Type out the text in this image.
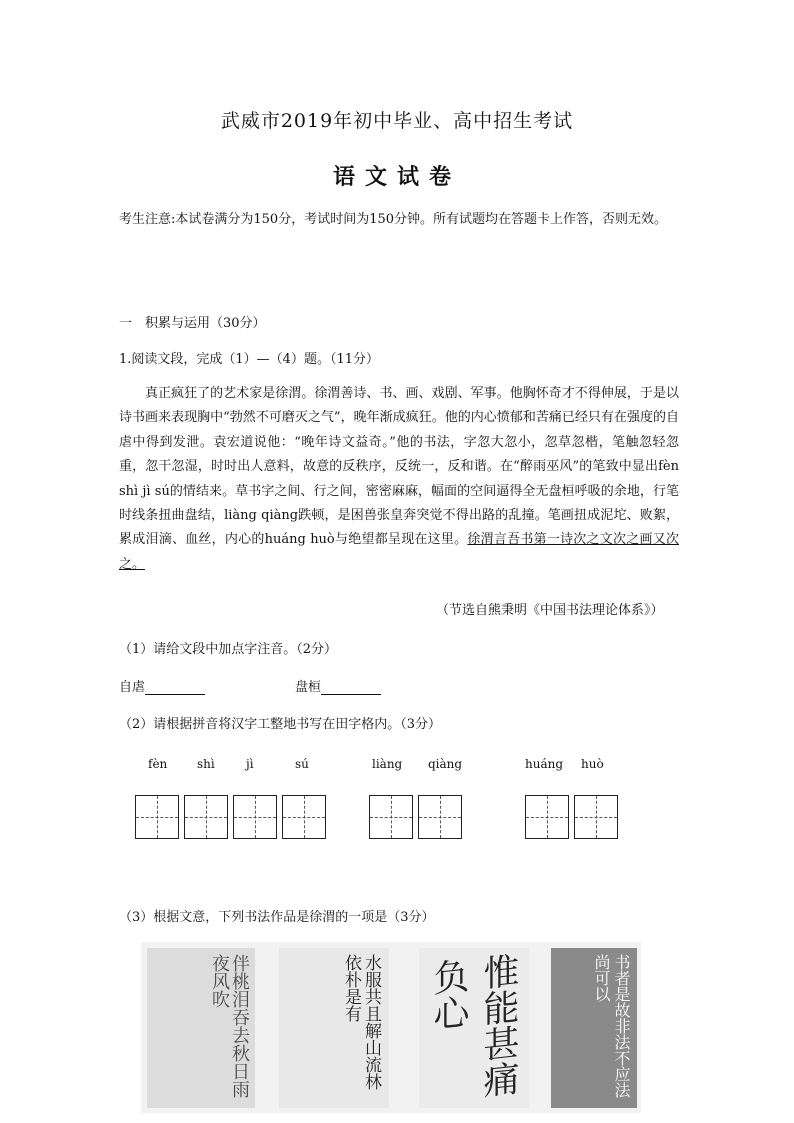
武威市2019年初中毕业、高中招生考试
语文试卷
考生注意:本试卷满分为150分，考试时间为150分钟。所有试题均在答题卡上作答，否则无效。
一　积累与运用（30分）
1.阅读文段，完成（1）—（4）题。（11分）

真正疯狂了的艺术家是徐渭。徐渭善诗、书、画、戏剧、军事。他胸怀奇才不得伸展，于是以诗书画来表现胸中“勃然不可磨灭之气”，晚年渐成疯狂。他的内心愤郁和苦痛已经只有在强度的自虐中得到发泄。袁宏道说他：“晚年诗文益奇。”他的书法，字忽大忽小，忽草忽楷，笔触忽轻忽重，忽干忽湿，时时出人意料，故意的反秩序，反统一，反和谐。在“醉雨巫风”的笔致中显出fèn shì jì sú的情结来。草书字之间、行之间，密密麻麻，幅面的空间逼得全无盘桓呼吸的余地，行笔时线条扭曲盘结，liàng qiàng跌顿，是困兽张皇奔突觉不得出路的乱撞。笔画扭成泥坨、败絮，累成泪滴、血丝，内心的huáng huò与绝望都呈现在这里。徐渭言吾书第一诗次之文次之画又次之。

（节选自熊秉明《中国书法理论体系》）
（1）请给文段中加点字注音。（2分）
自虐	盘桓
（2）请根据拼音将汉字工整地书写在田字格内。（3分）
fèn shì	jì	sú	liàng qiàng	huáng huò
（3）根据文意，下列书法作品是徐渭的一项是（3分）
伴桃泪吞去秋日雨夜风吹	水服共且解山流林依朴是有	惟能甚痛负心	书者是故非法不应法尚可以
